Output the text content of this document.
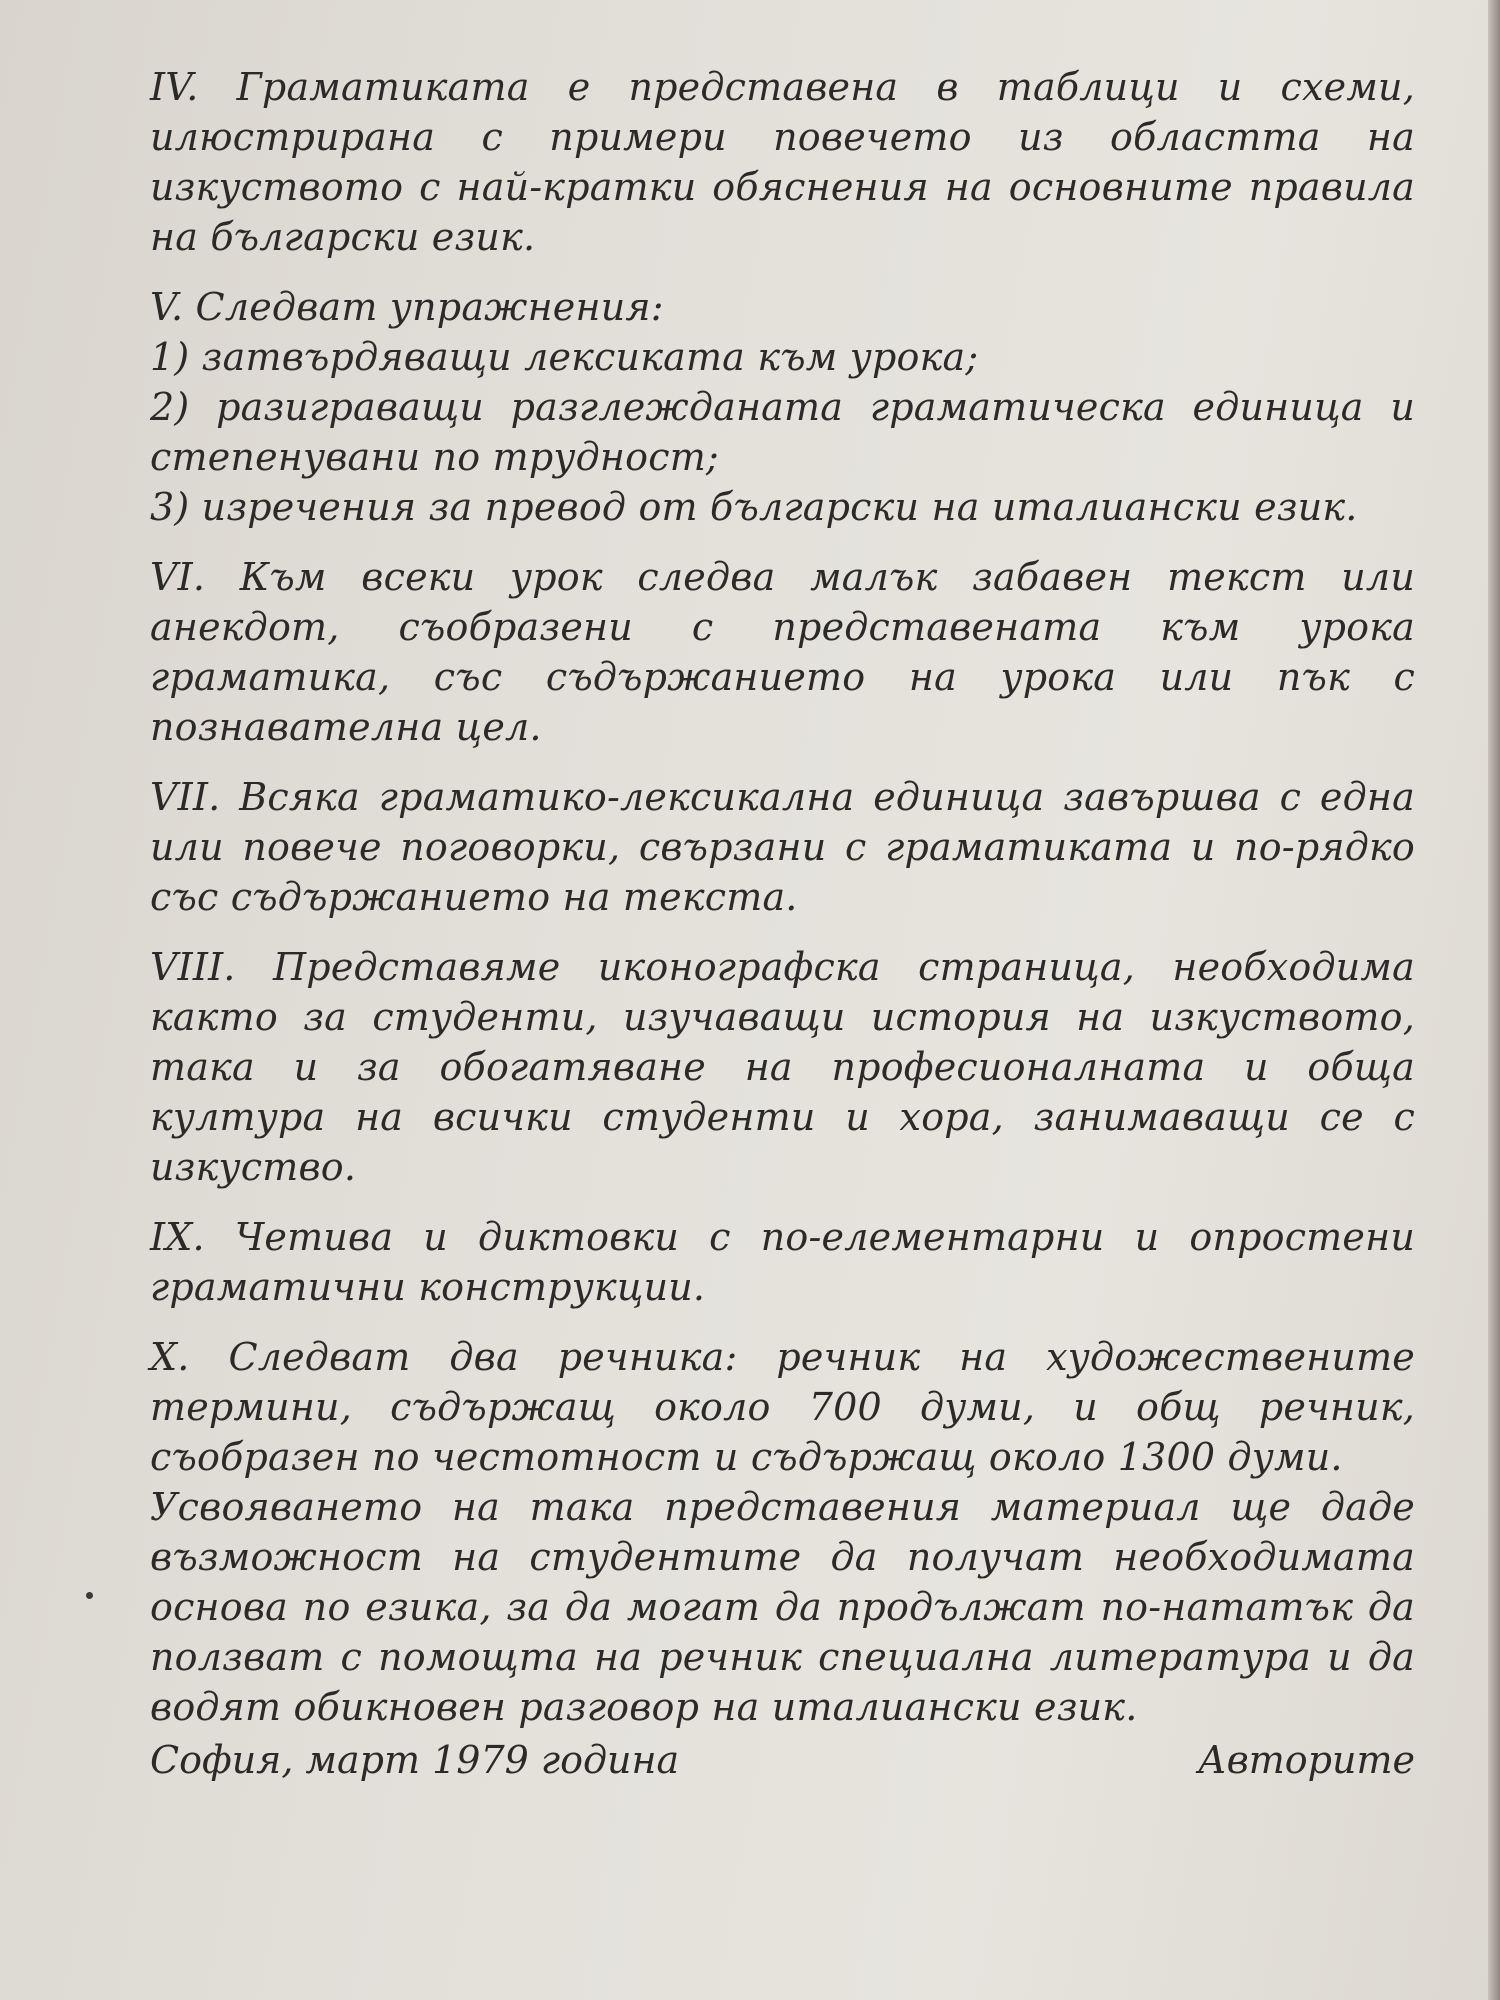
IV. Граматиката е представена в таблици и схеми, илюстрирана с примери повечето из областта на изкуството с най-кратки обяснения на основните правила на български език.

V. Следват упражнения:
1) затвърдяващи лексиката към урока;
2) разиграващи разглежданата граматическа единица и степенувани по трудност;
3) изречения за превод от български на италиански език.

VI. Към всеки урок следва малък забавен текст или анекдот, съобразени с представената към урока граматика, със съдържанието на урока или пък с познавателна цел.

VII. Всяка граматико-лексикална единица завършва с една или повече поговорки, свързани с граматиката и по-рядко със съдържанието на текста.

VIII. Представяме иконографска страница, необходима както за студенти, изучаващи история на изкуството, така и за обогатяване на професионалната и обща култура на всички студенти и хора, занимаващи се с изкуство.

IX. Четива и диктовки с по-елементарни и опростени граматични конструкции.

X. Следват два речника: речник на художествените термини, съдържащ около 700 думи, и общ речник, съобразен по честотност и съдържащ около 1300 думи.

Усвояването на така представения материал ще даде възможност на студентите да получат необходимата основа по езика, за да могат да продължат по-нататък да ползват с помощта на речник специална литература и да водят обикновен разговор на италиански език.

София, март 1979 година	Авторите
